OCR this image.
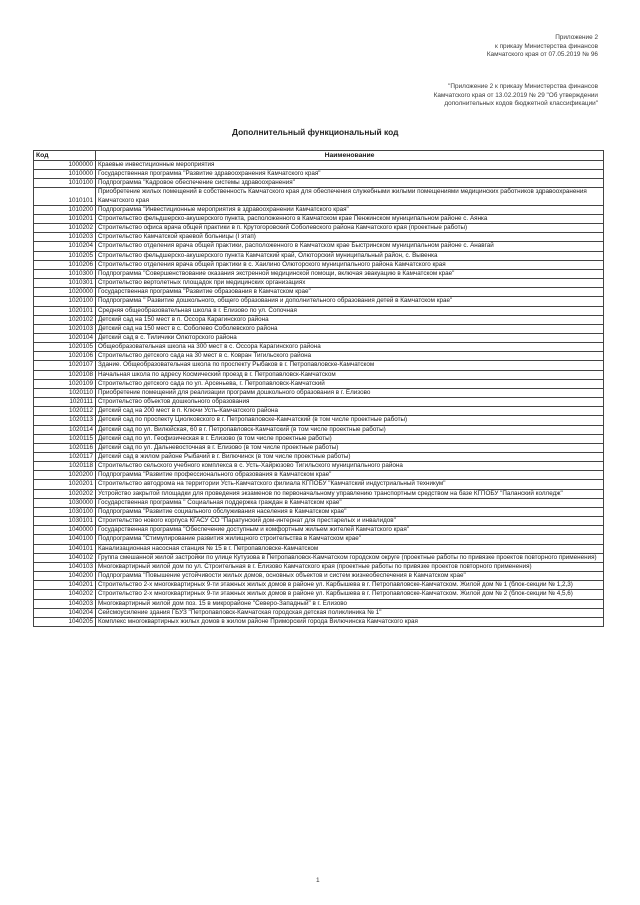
Приложение 2
к приказу Министерства финансов
Камчатского края от 07.05.2019 № 96
"Приложение 2 к приказу Министерства финансов
Камчатского края от 13.02.2019 № 29 "Об утверждении
дополнительных кодов бюджетной классификации"
Дополнительный функциональный код
Код	Наименование
1000000	Краевые инвестиционные мероприятия
1010000	Государственная программа "Развитие здравоохранения Камчатского края"
1010100	Подпрограмма "Кадровое обеспечение системы здравоохранения"
1010101	Приобретение жилых помещений в собственность Камчатского края для обеспечения служебными жилыми помещениями медицинских работников здравоохранения Камчатского края
1010200	Подпрограмма "Инвестиционные мероприятия в здравоохранении Камчатского края"
1010201	Строительство фельдшерско-акушерского пункта, расположенного в Камчатском крае Пенжинском муниципальном районе с. Аянка
1010202	Строительство офиса врача общей практики в п. Крутогоровский Соболевского района Камчатского края (проектные работы)
1010203	Строительство Камчатской краевой больницы (I этап)
1010204	Строительство отделения врача общей практики, расположенного в Камчатском крае Быстринском муниципальном районе с. Анавгай
1010205	Строительство фельдшерско-акушерского пункта Камчатский край, Олюторский муниципальный район, с. Вывенка
1010206	Строительство отделения врача общей практики в с. Хаилино Олюторского муниципального района Камчатского края
1010300	Подпрограмма "Совершенствование оказания экстренной медицинской помощи, включая эвакуацию в Камчатском крае"
1010301	Строительство вертолетных площадок при медицинских организациях
1020000	Государственная программа "Развитие образования в Камчатском крае"
1020100	Подпрограмма " Развитие дошкольного, общего образования и дополнительного образования детей в Камчатском крае"
1020101	Средняя общеобразовательная школа в г. Елизово по ул. Сопочная
1020102	Детский сад на 150 мест в п. Оссора Карагинского района
1020103	Детский сад на 150 мест в с. Соболево Соболевского района
1020104	Детский сад в с. Тиличики Олюторского района
1020105	Общеобразовательная школа на 300 мест в с. Оссора Карагинского района
1020106	Строительство детского сада на 30 мест в с. Ковран Тигильского района
1020107	Здание. Общеобразовательная школа по проспекту Рыбаков в г. Петропавловске-Камчатском
1020108	Начальная школа по адресу Космический проезд в г. Петропавловск-Камчатском
1020109	Строительство детского сада по ул. Арсеньева, г. Петропавловск-Камчатский
1020110	Приобретение помещений для реализации программ дошкольного образования в г. Елизово
1020111	Строительство объектов дошкольного образования
1020112	Детский сад на 200 мест в п. Ключи Усть-Камчатского района
1020113	Детский сад по проспекту Циолковского в г. Петропавловске-Камчатский (в том числе проектные работы)
1020114	Детский сад по ул. Вилюйская, 60 в г. Петропавловск-Камчатский (в том числе проектные работы)
1020115	Детский сад по ул. Геофизическая в г. Елизово (в том числе проектные работы)
1020116	Детский сад по ул. Дальневосточная в г. Елизово (в том числе проектные работы)
1020117	Детский сад в жилом районе Рыбачий в г. Вилючинск (в том числе проектные работы)
1020118	Строительство сельского учебного комплекса в с. Усть-Хайрюзово Тигильского муниципального района
1020200	Подпрограмма "Развитие профессионального образования в Камчатском крае"
1020201	Строительство автодрома на территории Усть-Камчатского филиала КГПОБУ "Камчатский индустриальный техникум"
1020202	Устройство закрытой площадки для проведения экзаменов по первоначальному управлению транспортным средством на базе КГПОБУ "Паланский колледж"
1030000	Государственная программа " Социальная поддержка граждан в Камчатском крае"
1030100	Подпрограмма "Развитие социального обслуживания населения в Камчатском крае"
1030101	Строительство нового корпуса КГАСУ СО "Паратунский дом-интернат для престарелых и инвалидов"
1040000	Государственная программа "Обеспечение доступным и комфортным жильем жителей Камчатского края"
1040100	Подпрограмма "Стимулирование развития жилищного строительства в Камчатском крае"
1040101	Канализационная насосная станция № 15 в г. Петропавловске-Камчатском
1040102	Группа смешанной жилой застройки по улице Кутузова в Петропавловск-Камчатском городском округе (проектные работы по привязке проектов повторного применения)
1040103	Многоквартирный жилой дом по ул. Строительная в г. Елизово Камчатского края (проектные работы по привязке проектов повторного применения)
1040200	Подпрограмма "Повышение устойчивости жилых домов, основных объектов и систем жизнеобеспечения в Камчатском крае"
1040201	Строительство 2-х многоквартирных 9-ти этажных жилых домов в районе ул. Карбышева в г. Петропавловске-Камчатском. Жилой дом № 1 (блок-секции № 1,2,3)
1040202	Строительство 2-х многоквартирных 9-ти этажных жилых домов в районе ул. Карбышева в г. Петропавловске-Камчатском. Жилой дом № 2 (блок-секции № 4,5,6)
1040203	Многоквартирный жилой дом поз. 15 в микрорайоне "Северо-Западный" в г. Елизово
1040204	Сейсмоусиление здания ГБУЗ "Петропавловск-Камчатская городская детская поликлиника № 1"
1040205	Комплекс многоквартирных жилых домов в жилом районе Приморский города Вилючинска Камчатского края
1
